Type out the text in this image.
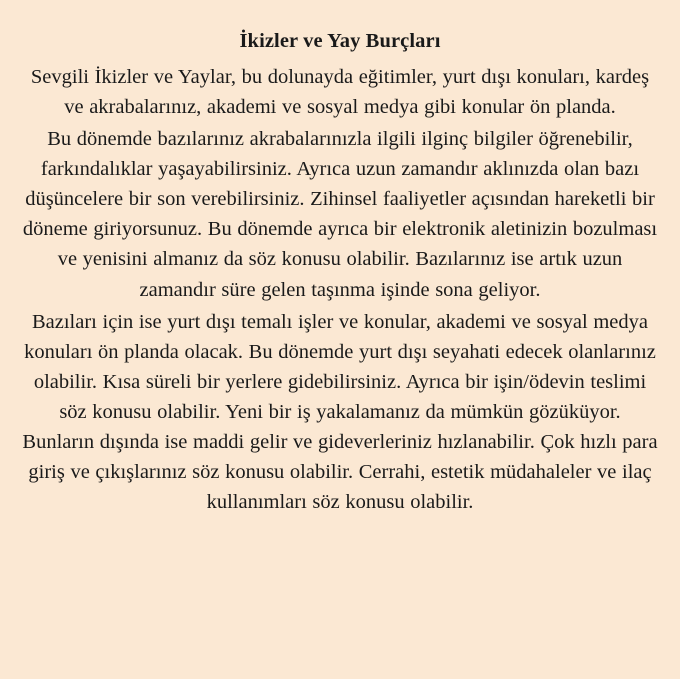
İkizler ve Yay Burçları

Sevgili İkizler ve Yaylar, bu dolunayda eğitimler, yurt dışı konuları, kardeş ve akrabalarınız, akademi ve sosyal medya gibi konular ön planda.

Bu dönemde bazılarınız akrabalarınızla ilgili ilginç bilgiler öğrenebilir, farkındalıklar yaşayabilirsiniz. Ayrıca uzun zamandır aklınızda olan bazı düşüncelere bir son verebilirsiniz. Zihinsel faaliyetler açısından hareketli bir döneme giriyorsunuz. Bu dönemde ayrıca bir elektronik aletinizin bozulması ve yenisini almanız da söz konusu olabilir. Bazılarınız ise artık uzun zamandır süre gelen taşınma işinde sona geliyor.

Bazıları için ise yurt dışı temalı işler ve konular, akademi ve sosyal medya konuları ön planda olacak. Bu dönemde yurt dışı seyahati edecek olanlarınız olabilir. Kısa süreli bir yerlere gidebilirsiniz. Ayrıca bir işin/ödevin teslimi söz konusu olabilir. Yeni bir iş yakalamanız da mümkün gözüküyor. Bunların dışında ise maddi gelir ve gideverleriniz hızlanabilir. Çok hızlı para giriş ve çıkışlarınız söz konusu olabilir. Cerrahi, estetik müdahaleler ve ilaç kullanımları söz konusu olabilir.
